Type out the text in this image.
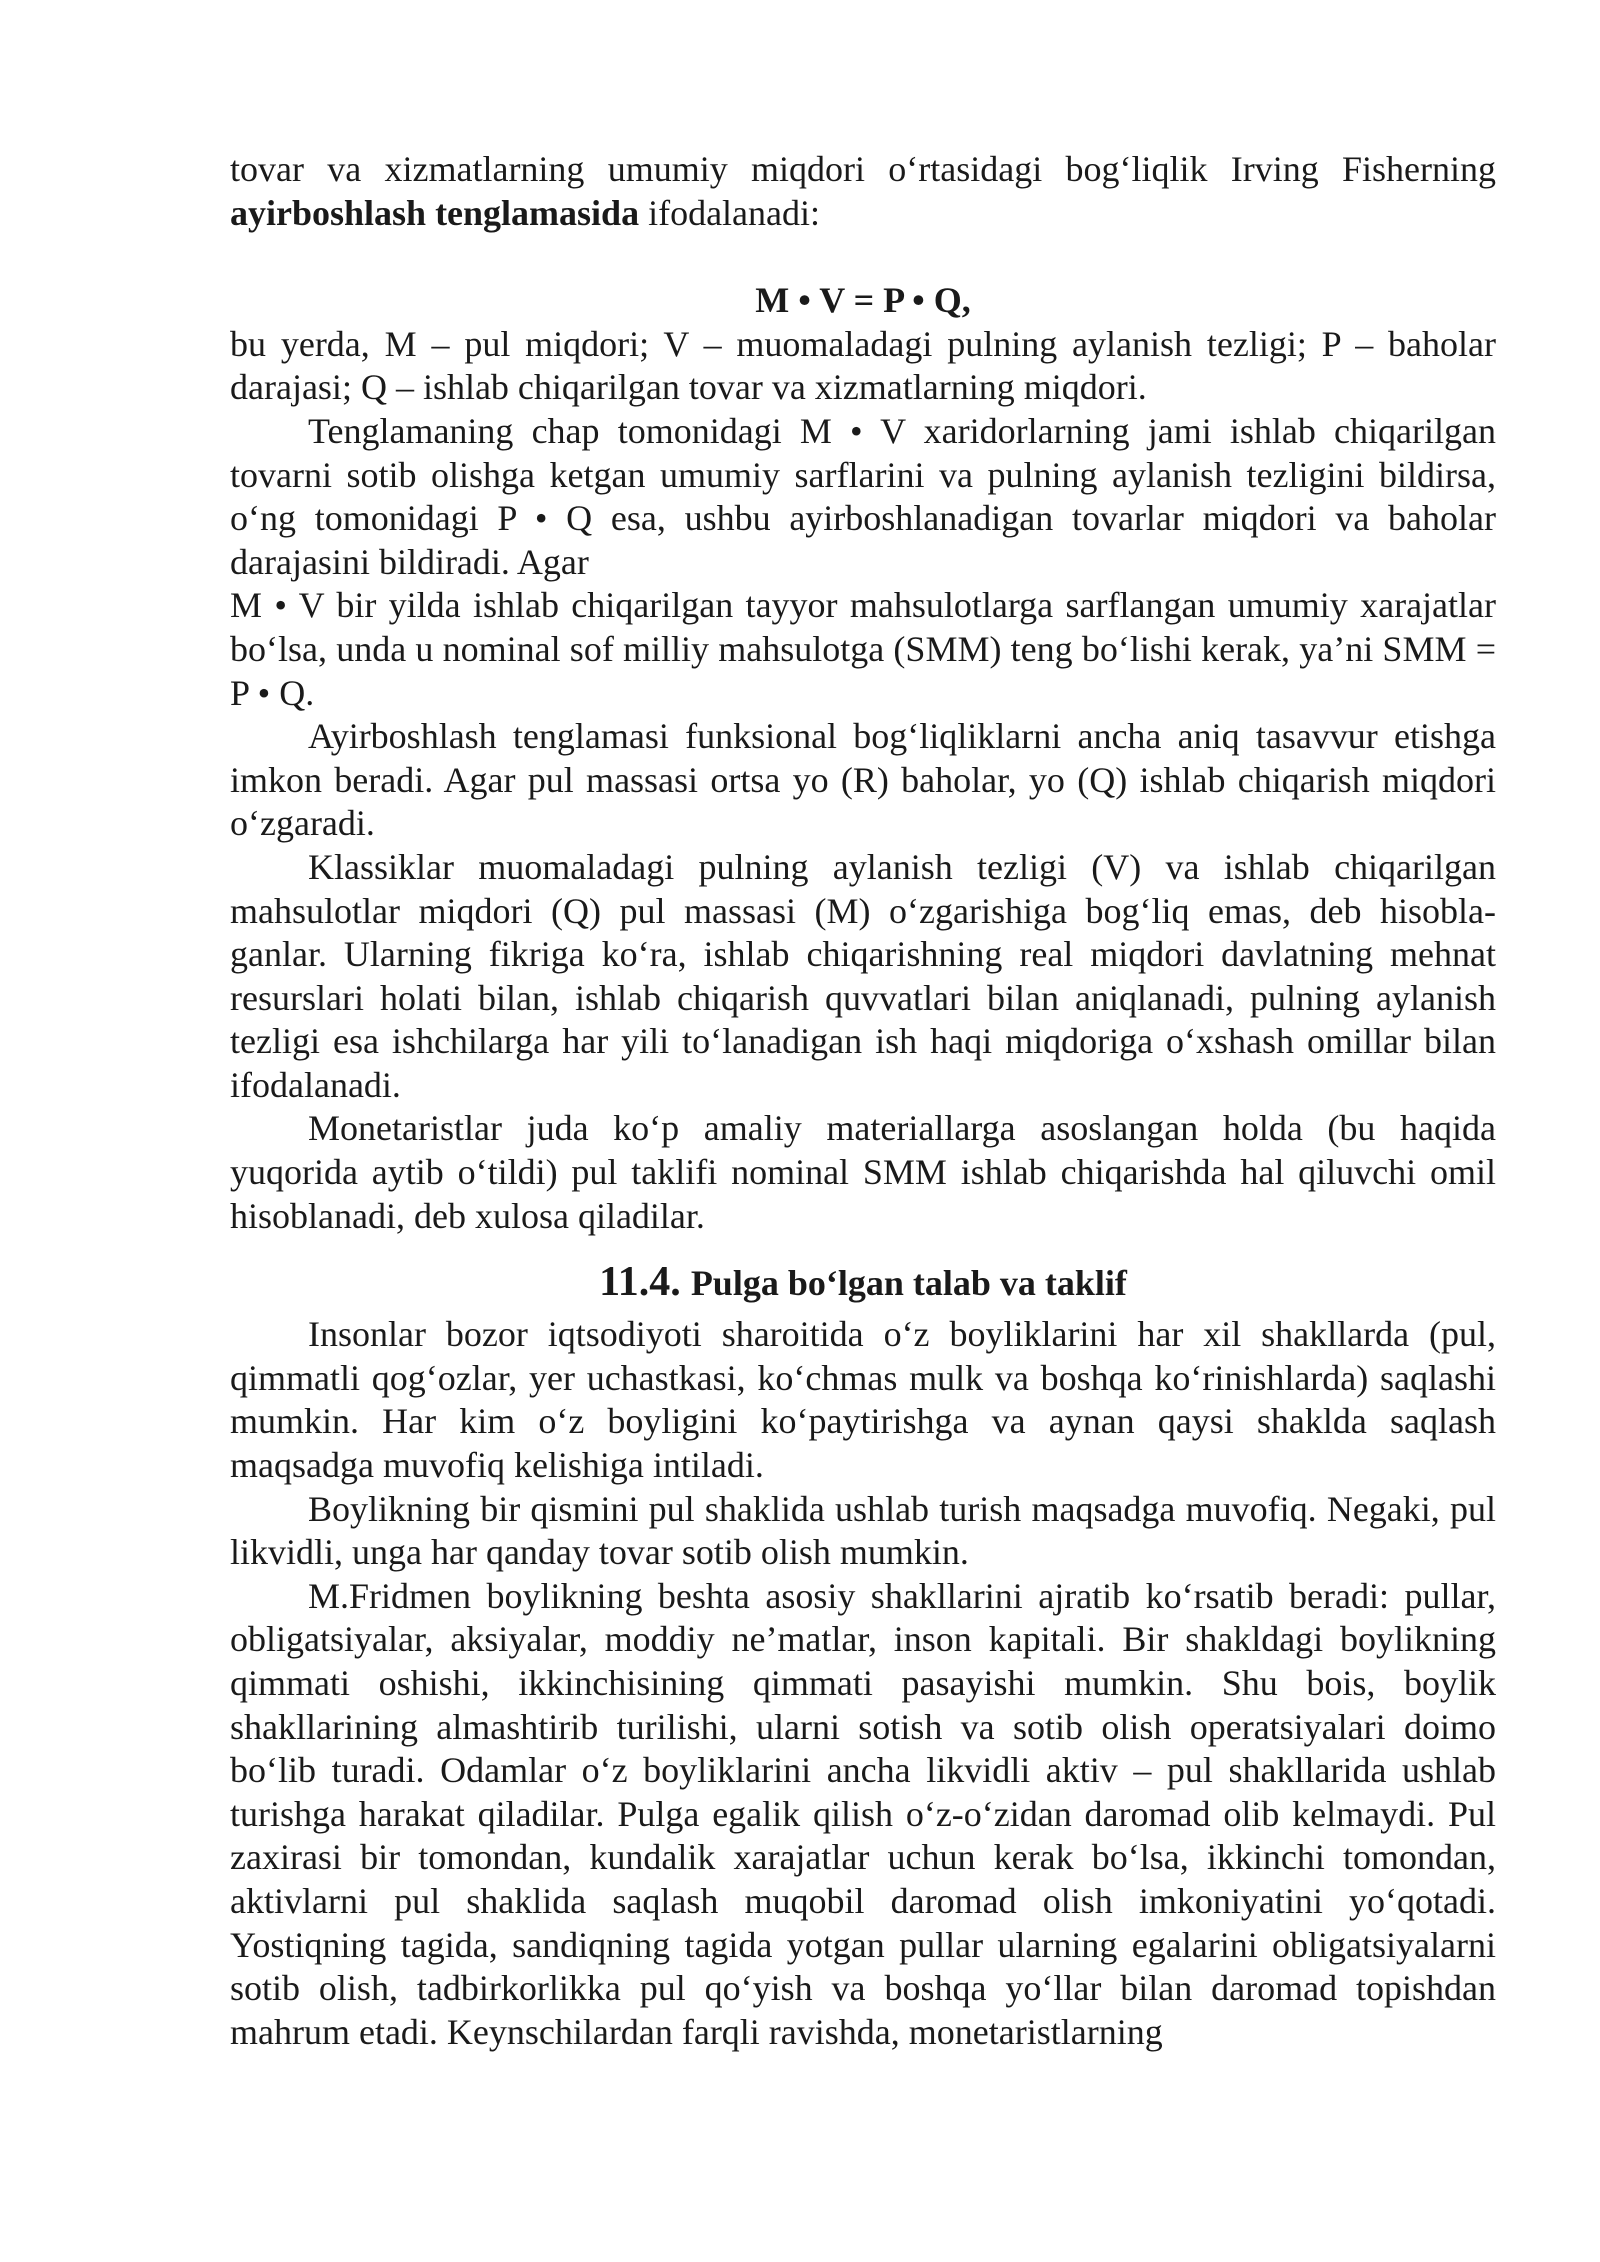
tovar va xizmatlarning umumiy miqdori o‘rtasidagi bog‘liqlik Irving Fisherning ayirboshlash tenglamasida ifodalanadi:

M • V = P • Q,

bu yerda, M – pul miqdori; V – muomaladagi pulning aylanish tezligi; P – baholar darajasi; Q – ishlab chiqarilgan tovar va xizmatlarning miqdori.

Tenglamaning chap tomonidagi M • V xaridorlarning jami ishlab chiqarilgan tovarni sotib olishga ketgan umumiy sarflarini va pulning aylanish tezligini bildirsa, o‘ng tomonidagi P • Q esa, ushbu ayirboshlanadigan tovarlar miqdori va baholar darajasini bildiradi. Agar

M • V bir yilda ishlab chiqarilgan tayyor mahsulotlarga sarflangan umumiy xarajatlar bo‘lsa, unda u nominal sof milliy mahsulotga (SMM) teng bo‘lishi kerak, ya’ni SMM = P • Q.

Ayirboshlash tenglamasi funksional bog‘liqliklarni ancha aniq tasavvur etishga imkon beradi. Agar pul massasi ortsa yo (R) baholar, yo (Q) ishlab chiqarish miqdori o‘zgaradi.

Klassiklar muomaladagi pulning aylanish tezligi (V) va ishlab chiqarilgan mahsulotlar miqdori (Q) pul massasi (M) o‘zgarishiga bog‘liq emas, deb hisobla-ganlar. Ularning fikriga ko‘ra, ishlab chiqarishning real miqdori davlatning mehnat resurslari holati bilan, ishlab chiqarish quvvatlari bilan aniqlanadi, pulning aylanish tezligi esa ishchilarga har yili to‘lanadigan ish haqi miqdoriga o‘xshash omillar bilan ifodalanadi.

Monetaristlar juda ko‘p amaliy materiallarga asoslangan holda (bu haqida yuqorida aytib o‘tildi) pul taklifi nominal SMM ishlab chiqarishda hal qiluvchi omil hisoblanadi, deb xulosa qiladilar.

11.4. Pulga bo‘lgan talab va taklif

Insonlar bozor iqtsodiyoti sharoitida o‘z boyliklarini har xil shakllarda (pul, qimmatli qog‘ozlar, yer uchastkasi, ko‘chmas mulk va boshqa ko‘rinishlarda) saqlashi mumkin. Har kim o‘z boyligini ko‘paytirishga va aynan qaysi shaklda saqlash maqsadga muvofiq kelishiga intiladi.

Boylikning bir qismini pul shaklida ushlab turish maqsadga muvofiq. Negaki, pul likvidli, unga har qanday tovar sotib olish mumkin.

M.Fridmen boylikning beshta asosiy shakllarini ajratib ko‘rsatib beradi: pullar, obligatsiyalar, aksiyalar, moddiy ne’matlar, inson kapitali. Bir shakldagi boylikning qimmati oshishi, ikkinchisining qimmati pasayishi mumkin. Shu bois, boylik shakllarining almashtirib turilishi, ularni sotish va sotib olish operatsiyalari doimo bo‘lib turadi. Odamlar o‘z boyliklarini ancha likvidli aktiv – pul shakllarida ushlab turishga harakat qiladilar. Pulga egalik qilish o‘z-o‘zidan daromad olib kelmaydi. Pul zaxirasi bir tomondan, kundalik xarajatlar uchun kerak bo‘lsa, ikkinchi tomondan, aktivlarni pul shaklida saqlash muqobil daromad olish imkoniyatini yo‘qotadi. Yostiqning tagida, sandiqning tagida yotgan pullar ularning egalarini obligatsiyalarni sotib olish, tadbirkorlikka pul qo‘yish va boshqa yo‘llar bilan daromad topishdan mahrum etadi. Keynschilardan farqli ravishda, monetaristlarning
